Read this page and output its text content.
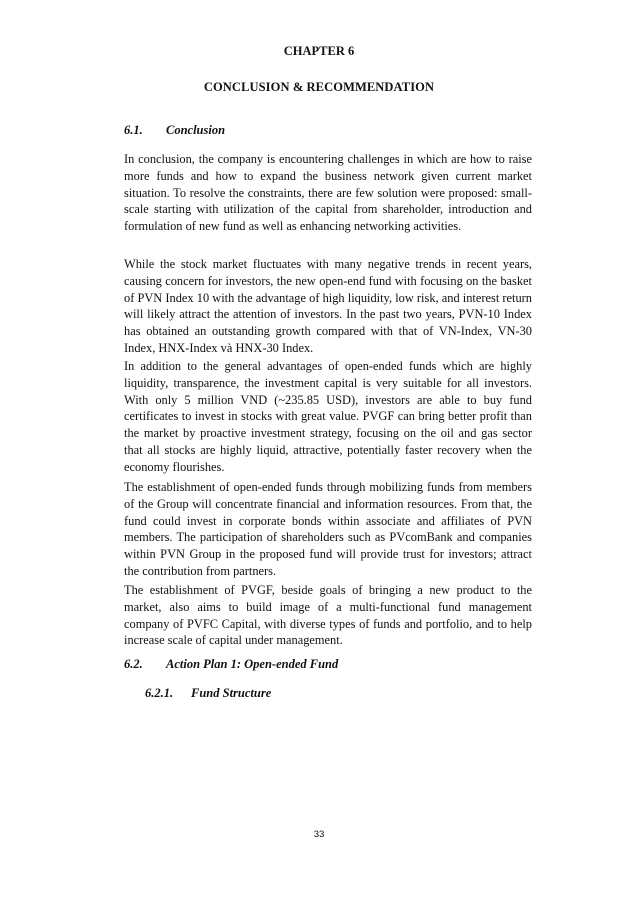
CHAPTER 6
CONCLUSION & RECOMMENDATION
6.1. Conclusion

In conclusion, the company is encountering challenges in which are how to raise more funds and how to expand the business network given current market situation. To resolve the constraints, there are few solution were proposed: small-scale starting with utilization of the capital from shareholder, introduction and formulation of new fund as well as enhancing networking activities.

While the stock market fluctuates with many negative trends in recent years, causing concern for investors, the new open-end fund with focusing on the basket of PVN Index 10 with the advantage of high liquidity, low risk, and interest return will likely attract the attention of investors. In the past two years, PVN-10 Index has obtained an outstanding growth compared with that of VN-Index, VN-30 Index, HNX-Index và HNX-30 Index.

In addition to the general advantages of open-ended funds which are highly liquidity, transparence, the investment capital is very suitable for all investors. With only 5 million VND (~235.85 USD), investors are able to buy fund certificates to invest in stocks with great value. PVGF can bring better profit than the market by proactive investment strategy, focusing on the oil and gas sector that all stocks are highly liquid, attractive, potentially faster recovery when the economy flourishes.

The establishment of open-ended funds through mobilizing funds from members of the Group will concentrate financial and information resources. From that, the fund could invest in corporate bonds within associate and affiliates of PVN members. The participation of shareholders such as PVcomBank and companies within PVN Group in the proposed fund will provide trust for investors; attract the contribution from partners.

The establishment of PVGF, beside goals of bringing a new product to the market, also aims to build image of a multi-functional fund management company of PVFC Capital, with diverse types of funds and portfolio, and to help increase scale of capital under management.

6.2. Action Plan 1: Open-ended Fund
6.2.1. Fund Structure
33
